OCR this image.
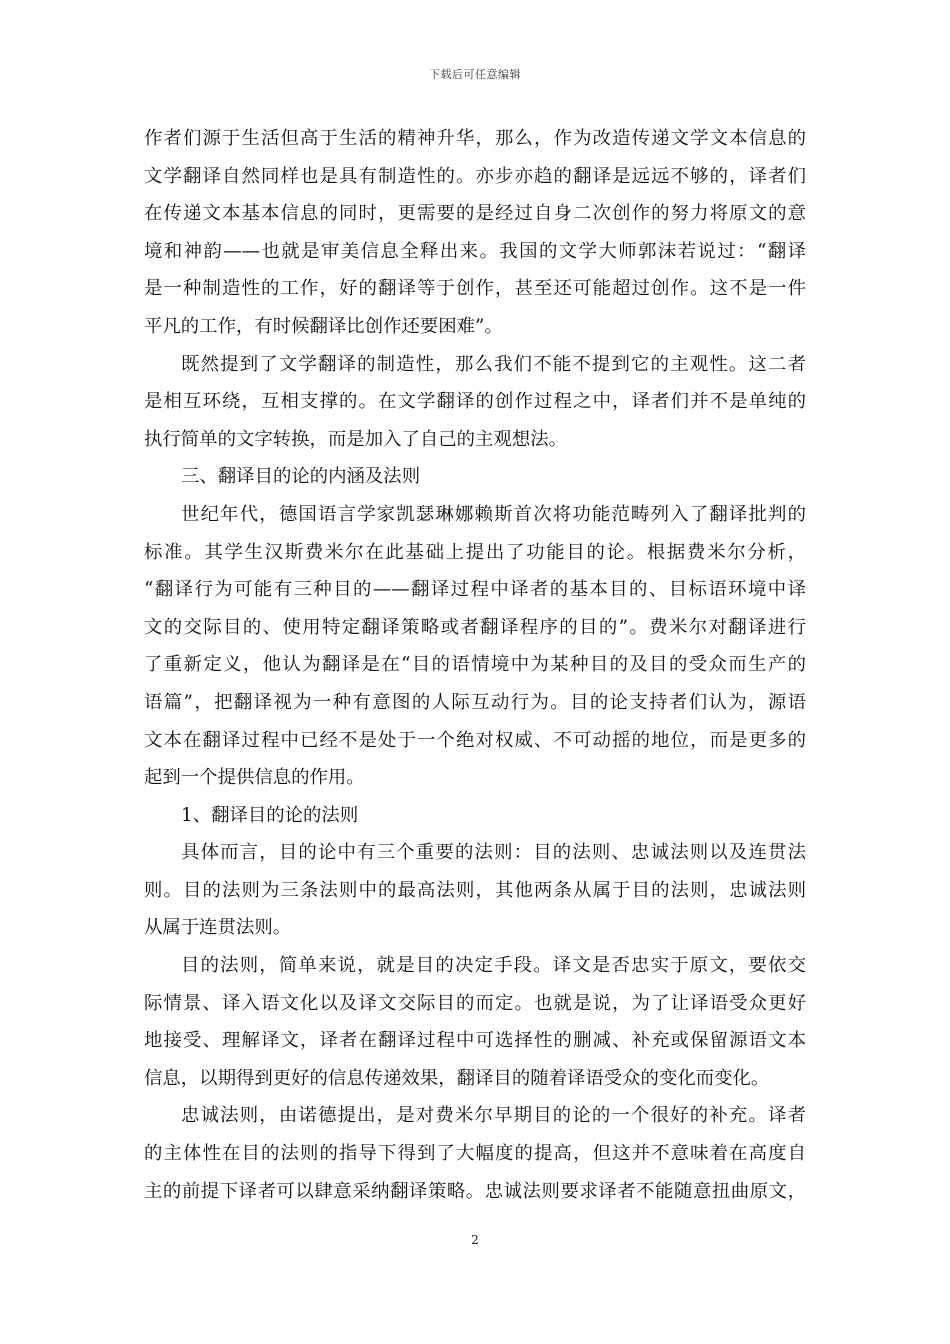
下载后可任意编辑
作者们源于生活但高于生活的精神升华，那么，作为改造传递文学文本信息的
文学翻译自然同样也是具有制造性的。亦步亦趋的翻译是远远不够的，译者们
在传递文本基本信息的同时，更需要的是经过自身二次创作的努力将原文的意
境和神韵——也就是审美信息全释出来。我国的文学大师郭沫若说过：“翻译
是一种制造性的工作，好的翻译等于创作，甚至还可能超过创作。这不是一件
平凡的工作，有时候翻译比创作还要困难”。
既然提到了文学翻译的制造性，那么我们不能不提到它的主观性。这二者
是相互环绕，互相支撑的。在文学翻译的创作过程之中，译者们并不是单纯的
执行简单的文字转换，而是加入了自己的主观想法。
三、翻译目的论的内涵及法则
世纪年代，德国语言学家凯瑟琳娜赖斯首次将功能范畴列入了翻译批判的
标准。其学生汉斯费米尔在此基础上提出了功能目的论。根据费米尔分析，
“翻译行为可能有三种目的——翻译过程中译者的基本目的、目标语环境中译
文的交际目的、使用特定翻译策略或者翻译程序的目的”。费米尔对翻译进行
了重新定义，他认为翻译是在“目的语情境中为某种目的及目的受众而生产的
语篇”，把翻译视为一种有意图的人际互动行为。目的论支持者们认为，源语
文本在翻译过程中已经不是处于一个绝对权威、不可动摇的地位，而是更多的
起到一个提供信息的作用。
1、翻译目的论的法则
具体而言，目的论中有三个重要的法则：目的法则、忠诚法则以及连贯法
则。目的法则为三条法则中的最高法则，其他两条从属于目的法则，忠诚法则
从属于连贯法则。
目的法则，简单来说，就是目的决定手段。译文是否忠实于原文，要依交
际情景、译入语文化以及译文交际目的而定。也就是说，为了让译语受众更好
地接受、理解译文，译者在翻译过程中可选择性的删减、补充或保留源语文本
信息，以期得到更好的信息传递效果，翻译目的随着译语受众的变化而变化。
忠诚法则，由诺德提出，是对费米尔早期目的论的一个很好的补充。译者
的主体性在目的法则的指导下得到了大幅度的提高，但这并不意味着在高度自
主的前提下译者可以肆意采纳翻译策略。忠诚法则要求译者不能随意扭曲原文，
2
